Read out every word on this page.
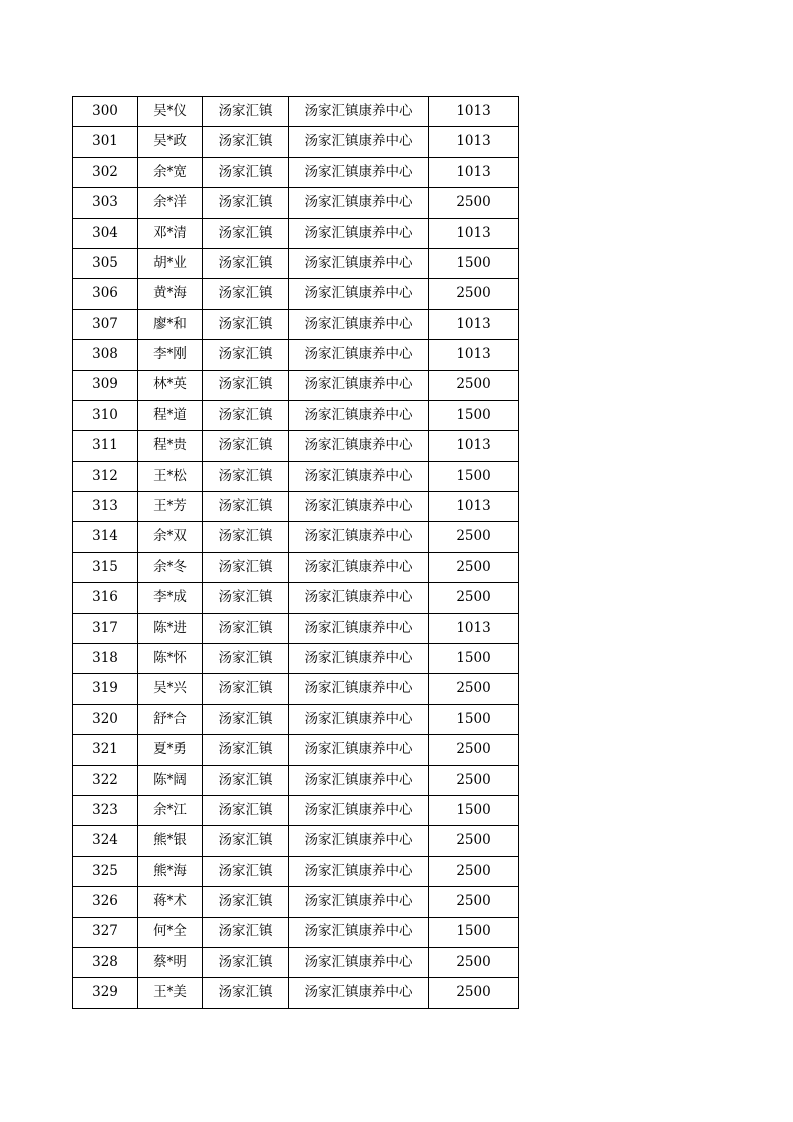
300	吴*仪	汤家汇镇	汤家汇镇康养中心	1013
301	吴*政	汤家汇镇	汤家汇镇康养中心	1013
302	余*宽	汤家汇镇	汤家汇镇康养中心	1013
303	余*洋	汤家汇镇	汤家汇镇康养中心	2500
304	邓*清	汤家汇镇	汤家汇镇康养中心	1013
305	胡*业	汤家汇镇	汤家汇镇康养中心	1500
306	黄*海	汤家汇镇	汤家汇镇康养中心	2500
307	廖*和	汤家汇镇	汤家汇镇康养中心	1013
308	李*刚	汤家汇镇	汤家汇镇康养中心	1013
309	林*英	汤家汇镇	汤家汇镇康养中心	2500
310	程*道	汤家汇镇	汤家汇镇康养中心	1500
311	程*贵	汤家汇镇	汤家汇镇康养中心	1013
312	王*松	汤家汇镇	汤家汇镇康养中心	1500
313	王*芳	汤家汇镇	汤家汇镇康养中心	1013
314	余*双	汤家汇镇	汤家汇镇康养中心	2500
315	余*冬	汤家汇镇	汤家汇镇康养中心	2500
316	李*成	汤家汇镇	汤家汇镇康养中心	2500
317	陈*进	汤家汇镇	汤家汇镇康养中心	1013
318	陈*怀	汤家汇镇	汤家汇镇康养中心	1500
319	吴*兴	汤家汇镇	汤家汇镇康养中心	2500
320	舒*合	汤家汇镇	汤家汇镇康养中心	1500
321	夏*勇	汤家汇镇	汤家汇镇康养中心	2500
322	陈*阔	汤家汇镇	汤家汇镇康养中心	2500
323	余*江	汤家汇镇	汤家汇镇康养中心	1500
324	熊*银	汤家汇镇	汤家汇镇康养中心	2500
325	熊*海	汤家汇镇	汤家汇镇康养中心	2500
326	蒋*术	汤家汇镇	汤家汇镇康养中心	2500
327	何*全	汤家汇镇	汤家汇镇康养中心	1500
328	蔡*明	汤家汇镇	汤家汇镇康养中心	2500
329	王*美	汤家汇镇	汤家汇镇康养中心	2500
